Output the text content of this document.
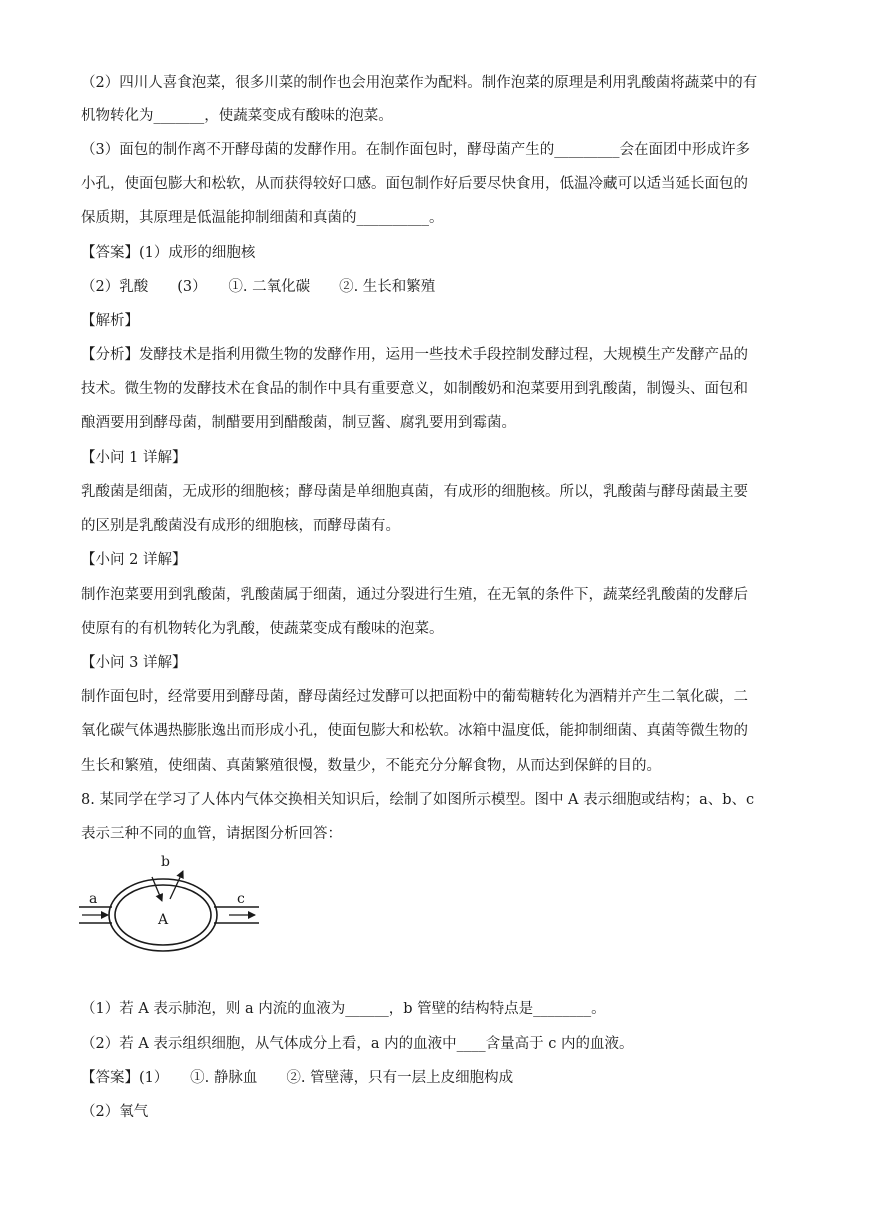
（2）四川人喜食泡菜，很多川菜的制作也会用泡菜作为配料。制作泡菜的原理是利用乳酸菌将蔬菜中的有
机物转化为_______，使蔬菜变成有酸味的泡菜。
（3）面包的制作离不开酵母菌的发酵作用。在制作面包时，酵母菌产生的_________会在面团中形成许多
小孔，使面包膨大和松软，从而获得较好口感。面包制作好后要尽快食用，低温冷藏可以适当延长面包的
保质期，其原理是低温能抑制细菌和真菌的__________。
【答案】(1）成形的细胞核
（2）乳酸　　(3）　　①. 二氧化碳　　②. 生长和繁殖
【解析】
【分析】发酵技术是指利用微生物的发酵作用，运用一些技术手段控制发酵过程，大规模生产发酵产品的
技术。微生物的发酵技术在食品的制作中具有重要意义，如制酸奶和泡菜要用到乳酸菌，制馒头、面包和
酿酒要用到酵母菌，制醋要用到醋酸菌，制豆酱、腐乳要用到霉菌。
【小问 1 详解】
乳酸菌是细菌，无成形的细胞核；酵母菌是单细胞真菌，有成形的细胞核。所以，乳酸菌与酵母菌最主要
的区别是乳酸菌没有成形的细胞核，而酵母菌有。
【小问 2 详解】
制作泡菜要用到乳酸菌，乳酸菌属于细菌，通过分裂进行生殖，在无氧的条件下，蔬菜经乳酸菌的发酵后
使原有的有机物转化为乳酸，使蔬菜变成有酸味的泡菜。
【小问 3 详解】
制作面包时，经常要用到酵母菌，酵母菌经过发酵可以把面粉中的葡萄糖转化为酒精并产生二氧化碳，二
氧化碳气体遇热膨胀逸出而形成小孔，使面包膨大和松软。冰箱中温度低，能抑制细菌、真菌等微生物的
生长和繁殖，使细菌、真菌繁殖很慢，数量少，不能充分分解食物，从而达到保鲜的目的。
8. 某同学在学习了人体内气体交换相关知识后，绘制了如图所示模型。图中 A 表示细胞或结构；a、b、c
表示三种不同的血管，请据图分析回答：
a
b
c
A
（1）若 A 表示肺泡，则 a 内流的血液为______，b 管壁的结构特点是________。
（2）若 A 表示组织细胞，从气体成分上看，a 内的血液中____含量高于 c 内的血液。
【答案】(1）　　①. 静脉血　　②. 管壁薄，只有一层上皮细胞构成
（2）氧气
